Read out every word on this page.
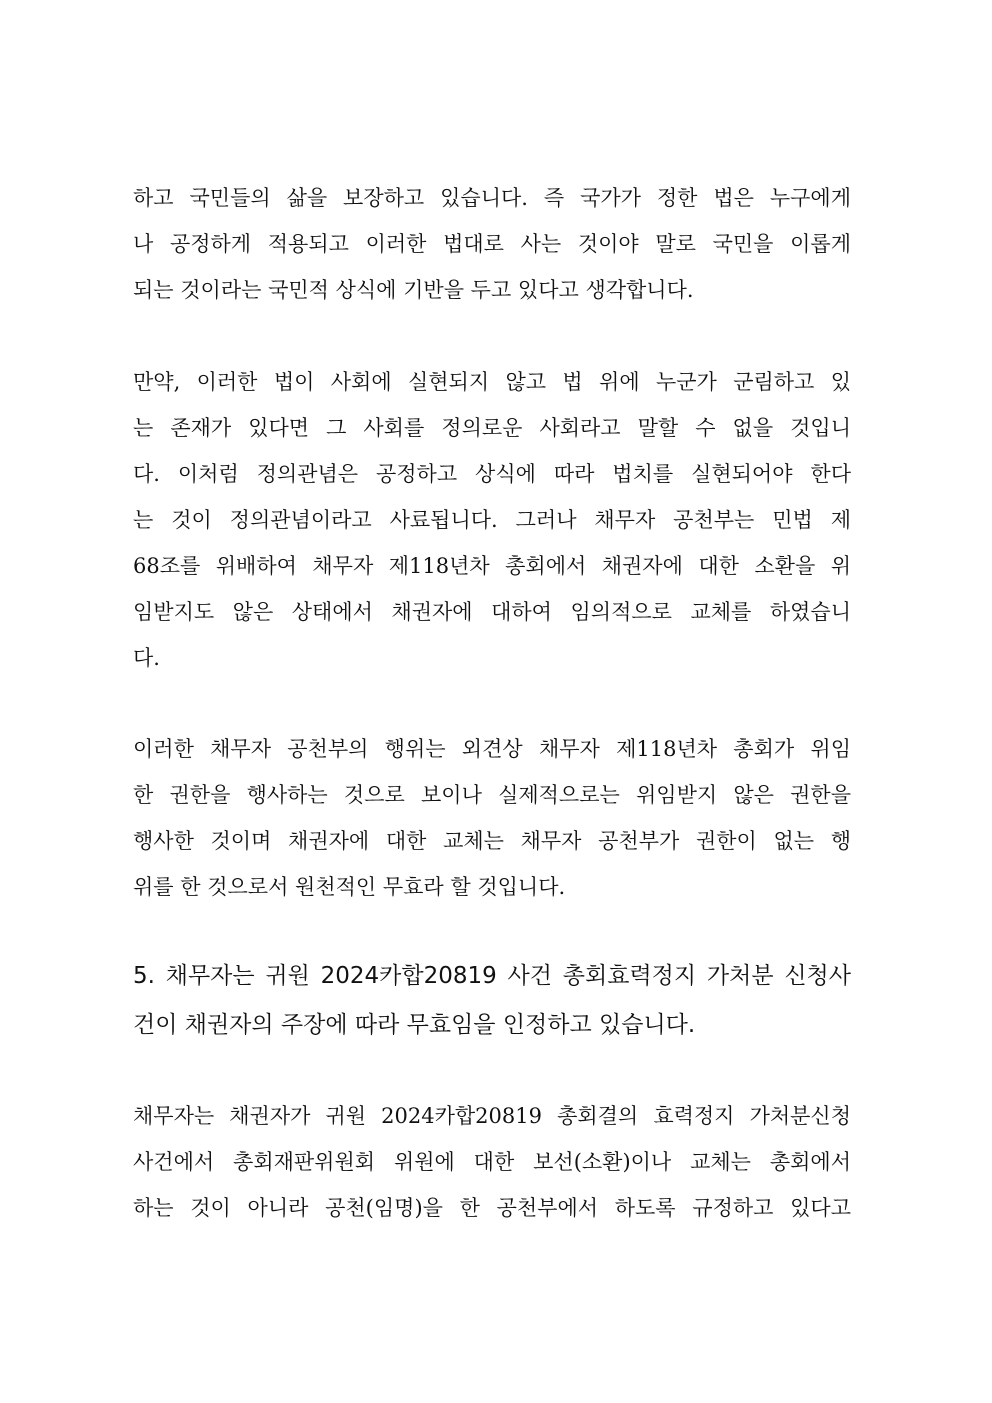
하고 국민들의 삶을 보장하고 있습니다. 즉 국가가 정한 법은 누구에게
나 공정하게 적용되고 이러한 법대로 사는 것이야 말로 국민을 이롭게
되는 것이라는 국민적 상식에 기반을 두고 있다고 생각합니다.
만약, 이러한 법이 사회에 실현되지 않고 법 위에 누군가 군림하고 있
는 존재가 있다면 그 사회를 정의로운 사회라고 말할 수 없을 것입니
다. 이처럼 정의관념은 공정하고 상식에 따라 법치를 실현되어야 한다
는 것이 정의관념이라고 사료됩니다. 그러나 채무자 공천부는 민법 제
68조를 위배하여 채무자 제118년차 총회에서 채권자에 대한 소환을 위
임받지도 않은 상태에서 채권자에 대하여 임의적으로 교체를 하였습니
다.
이러한 채무자 공천부의 행위는 외견상 채무자 제118년차 총회가 위임
한 권한을 행사하는 것으로 보이나 실제적으로는 위임받지 않은 권한을
행사한 것이며 채권자에 대한 교체는 채무자 공천부가 권한이 없는 행
위를 한 것으로서 원천적인 무효라 할 것입니다.
5. 채무자는 귀원 2024카합20819 사건 총회효력정지 가처분 신청사
건이 채권자의 주장에 따라 무효임을 인정하고 있습니다.
채무자는 채권자가 귀원 2024카합20819 총회결의 효력정지 가처분신청
사건에서 총회재판위원회 위원에 대한 보선(소환)이나 교체는 총회에서
하는 것이 아니라 공천(임명)을 한 공천부에서 하도록 규정하고 있다고
